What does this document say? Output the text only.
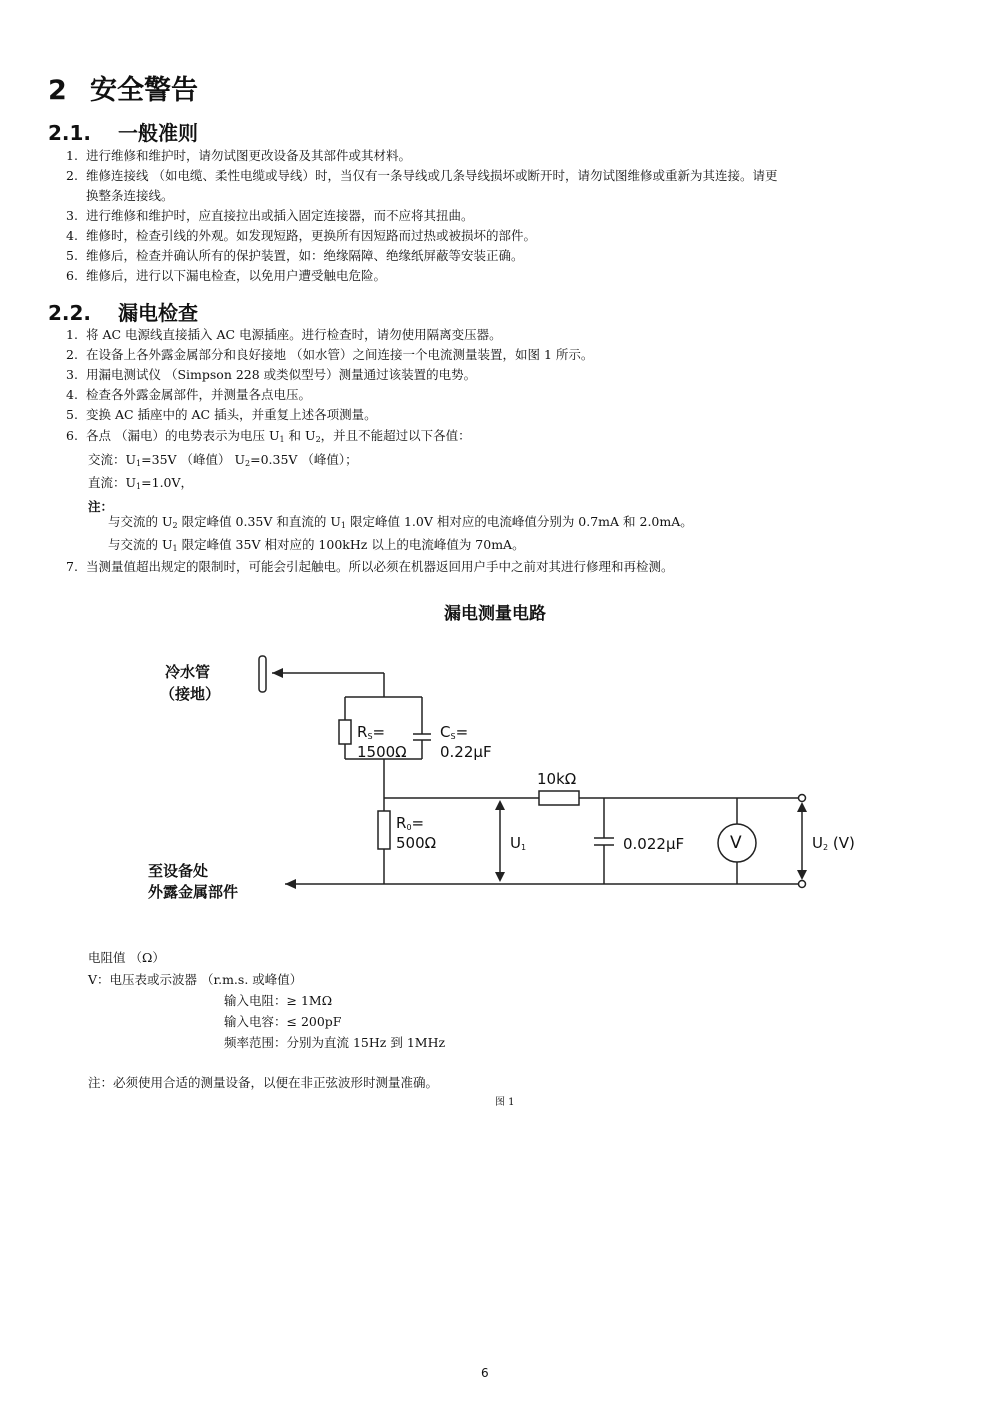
2 安全警告
2.1. 一般准则
1. 进行维修和维护时，请勿试图更改设备及其部件或其材料。
2. 维修连接线 （如电缆、柔性电缆或导线）时，当仅有一条导线或几条导线损坏或断开时，请勿试图维修或重新为其连接。请更
换整条连接线。
3. 进行维修和维护时，应直接拉出或插入固定连接器，而不应将其扭曲。
4. 维修时，检查引线的外观。如发现短路，更换所有因短路而过热或被损坏的部件。
5. 维修后，检查并确认所有的保护装置，如：绝缘隔障、绝缘纸屏蔽等安装正确。
6. 维修后，进行以下漏电检查，以免用户遭受触电危险。
2.2. 漏电检查
1. 将 AC 电源线直接插入 AC 电源插座。进行检查时，请勿使用隔离变压器。
2. 在设备上各外露金属部分和良好接地 （如水管）之间连接一个电流测量装置，如图 1 所示。
3. 用漏电测试仪 （Simpson 228 或类似型号）测量通过该装置的电势。
4. 检查各外露金属部件，并测量各点电压。
5. 变换 AC 插座中的 AC 插头，并重复上述各项测量。
6. 各点 （漏电）的电势表示为电压 $U_1$ 和 $U_2$，并且不能超过以下各值：
交流：$U_1=35V$ （峰值） $U_2=0.35V$ （峰值）；
直流：$U_1=1.0V$，
注：
与交流的 $U_2$ 限定峰值 0.35V 和直流的 $U_1$ 限定峰值 1.0V 相对应的电流峰值分别为 0.7mA 和 2.0mA。
与交流的 $U_1$ 限定峰值 35V 相对应的 100kHz 以上的电流峰值为 70mA。
7. 当测量值超出规定的限制时，可能会引起触电。所以必须在机器返回用户手中之前对其进行修理和再检测。
漏电测量电路
冷水管
（接地）
至设备处
外露金属部件
$R_S=$
1500Ω
$C_S=$
0.22μF
10kΩ
$R_0=$
500Ω	$U_1$	0.022μF	V	$U_2$ (V)
电阻值 （Ω）
V：电压表或示波器 （r.m.s. 或峰值）
输入电阻：≥ 1MΩ
输入电容：≤ 200pF
频率范围：分别为直流 15Hz 到 1MHz
注：必须使用合适的测量设备，以便在非正弦波形时测量准确。
图 1
6
